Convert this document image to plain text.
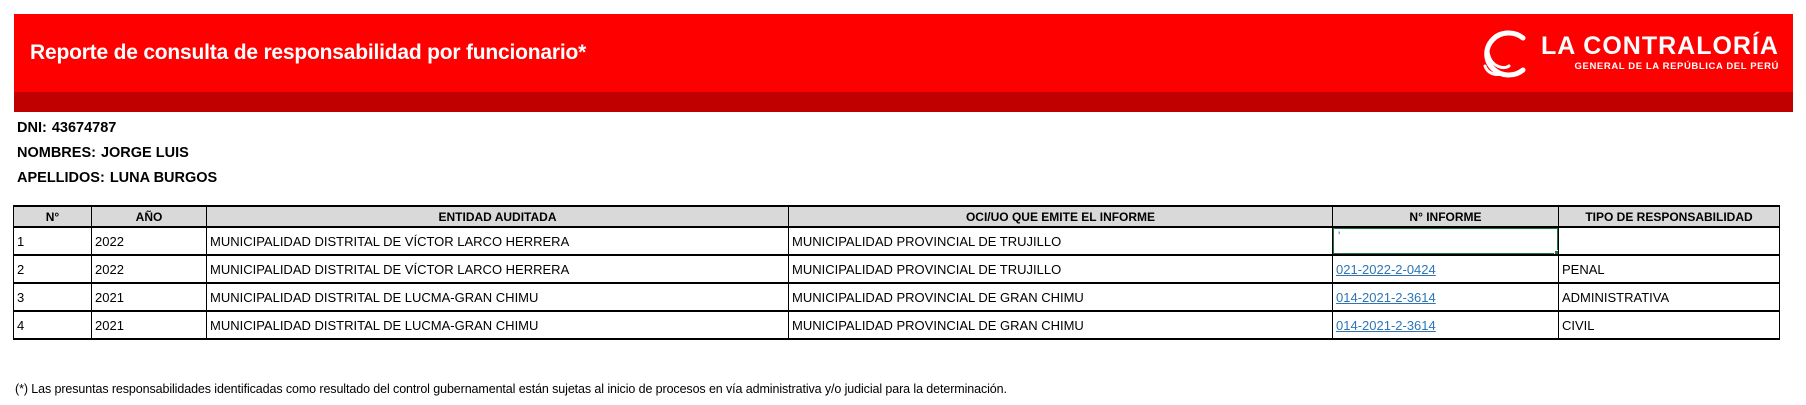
Reporte de consulta de responsabilidad por funcionario*	LA CONTRALORÍA
GENERAL DE LA REPÚBLICA DEL PERÚ
DNI: 43674787
NOMBRES: JORGE LUIS
APELLIDOS: LUNA BURGOS
N°	AÑO	ENTIDAD AUDITADA	OCI/UO QUE EMITE EL INFORME	N° INFORME	TIPO DE RESPONSABILIDAD
1	2022	MUNICIPALIDAD DISTRITAL DE VÍCTOR LARCO HERRERA	MUNICIPALIDAD PROVINCIAL DE TRUJILLO	'

2	2022	MUNICIPALIDAD DISTRITAL DE VÍCTOR LARCO HERRERA	MUNICIPALIDAD PROVINCIAL DE TRUJILLO	021-2022-2-0424	PENAL
3	2021	MUNICIPALIDAD DISTRITAL DE LUCMA-GRAN CHIMU	MUNICIPALIDAD PROVINCIAL DE GRAN CHIMU	014-2021-2-3614	ADMINISTRATIVA
4	2021	MUNICIPALIDAD DISTRITAL DE LUCMA-GRAN CHIMU	MUNICIPALIDAD PROVINCIAL DE GRAN CHIMU	014-2021-2-3614	CIVIL
(*) Las presuntas responsabilidades identificadas como resultado del control gubernamental están sujetas al inicio de procesos en vía administrativa y/o judicial para la determinación.
